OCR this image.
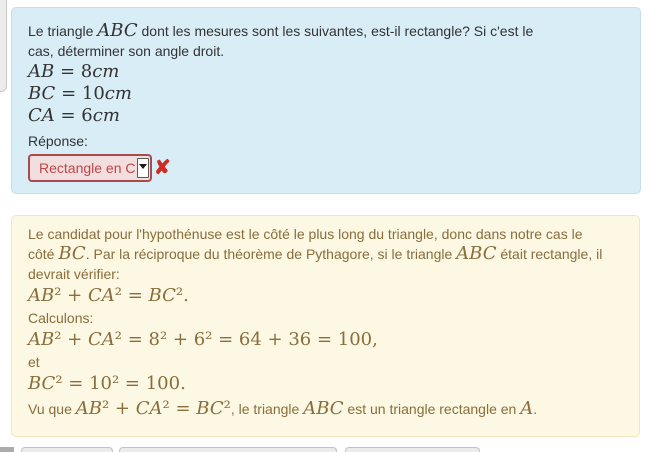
Le triangle ABC dont les mesures sont les suivantes, est-il rectangle? Si c'est le cas, déterminer son angle droit.
AB = 8cm
BC = 10cm
CA = 6cm
Réponse:
Rectangle en C ✘
Le candidat pour l'hypothénuse est le côté le plus long du triangle, donc dans notre cas le côté BC. Par la réciproque du théorème de Pythagore, si le triangle ABC était rectangle, il devrait vérifier:
AB² + CA² = BC².
Calculons:
AB² + CA² = 8² + 6² = 64 + 36 = 100,
et
BC² = 10² = 100.
Vu que AB² + CA² = BC², le triangle ABC est un triangle rectangle en A.
